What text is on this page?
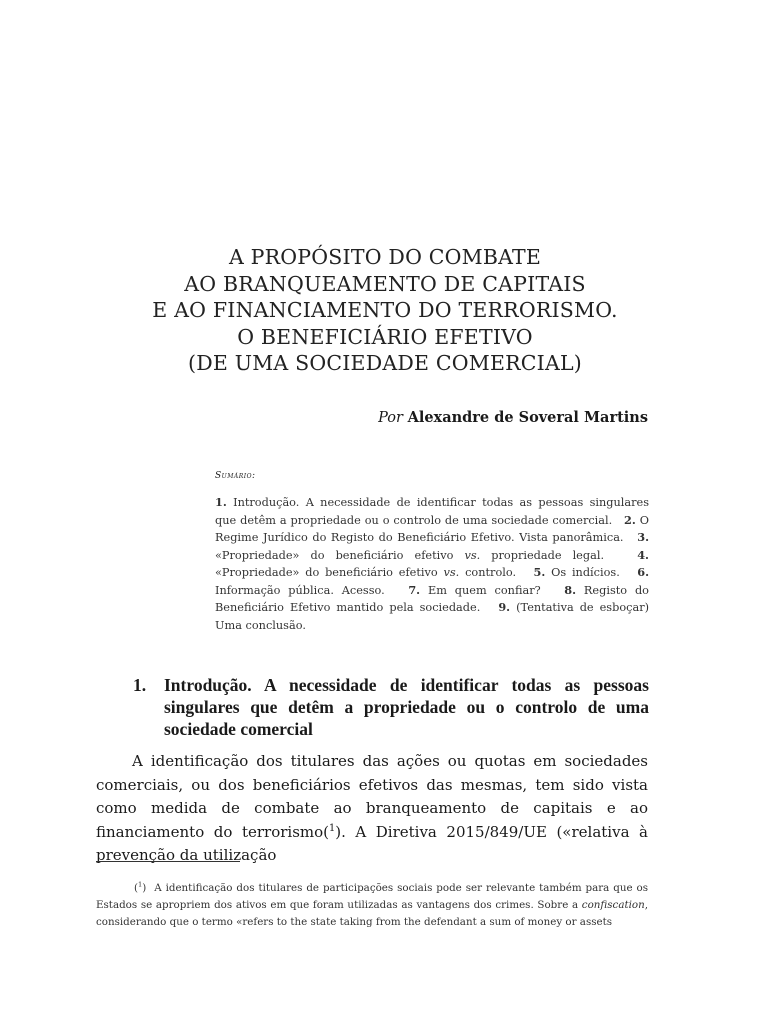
A PROPÓSITO DO COMBATE
AO BRANQUEAMENTO DE CAPITAIS
E AO FINANCIAMENTO DO TERRORISMO.
O BENEFICIÁRIO EFETIVO
(DE UMA SOCIEDADE COMERCIAL)
Por Alexandre de Soveral Martins
Sumário:
1. Introdução. A necessidade de identificar todas as pessoas singulares que detêm a propriedade ou o controlo de uma sociedade comercial. 2. O Regime Jurídico do Registo do Beneficiário Efetivo. Vista panorâmica. 3. «Propriedade» do beneficiário efetivo vs. propriedade legal.	4. «Propriedade» do beneficiário efetivo vs. controlo. 5. Os indícios. 6. Informação pública. Acesso. 7. Em quem confiar? 8. Registo do Beneficiário Efetivo mantido pela sociedade. 9. (Tentativa de esboçar) Uma conclusão.
1. Introdução. A necessidade de identificar todas as pessoas singulares que detêm a propriedade ou o controlo de uma sociedade comercial
A identificação dos titulares das ações ou quotas em sociedades comerciais, ou dos beneficiários efetivos das mesmas, tem sido vista como medida de combate ao branqueamento de capitais e ao financiamento do terrorismo($^1$). A Diretiva 2015/849/UE («relativa à prevenção da utilização
($^1$)  A identificação dos titulares de participações sociais pode ser relevante também para que os Estados se apropriem dos ativos em que foram utilizadas as vantagens dos crimes. Sobre a confiscation, considerando que o termo «refers to the state taking from the defendant a sum of money or assets
